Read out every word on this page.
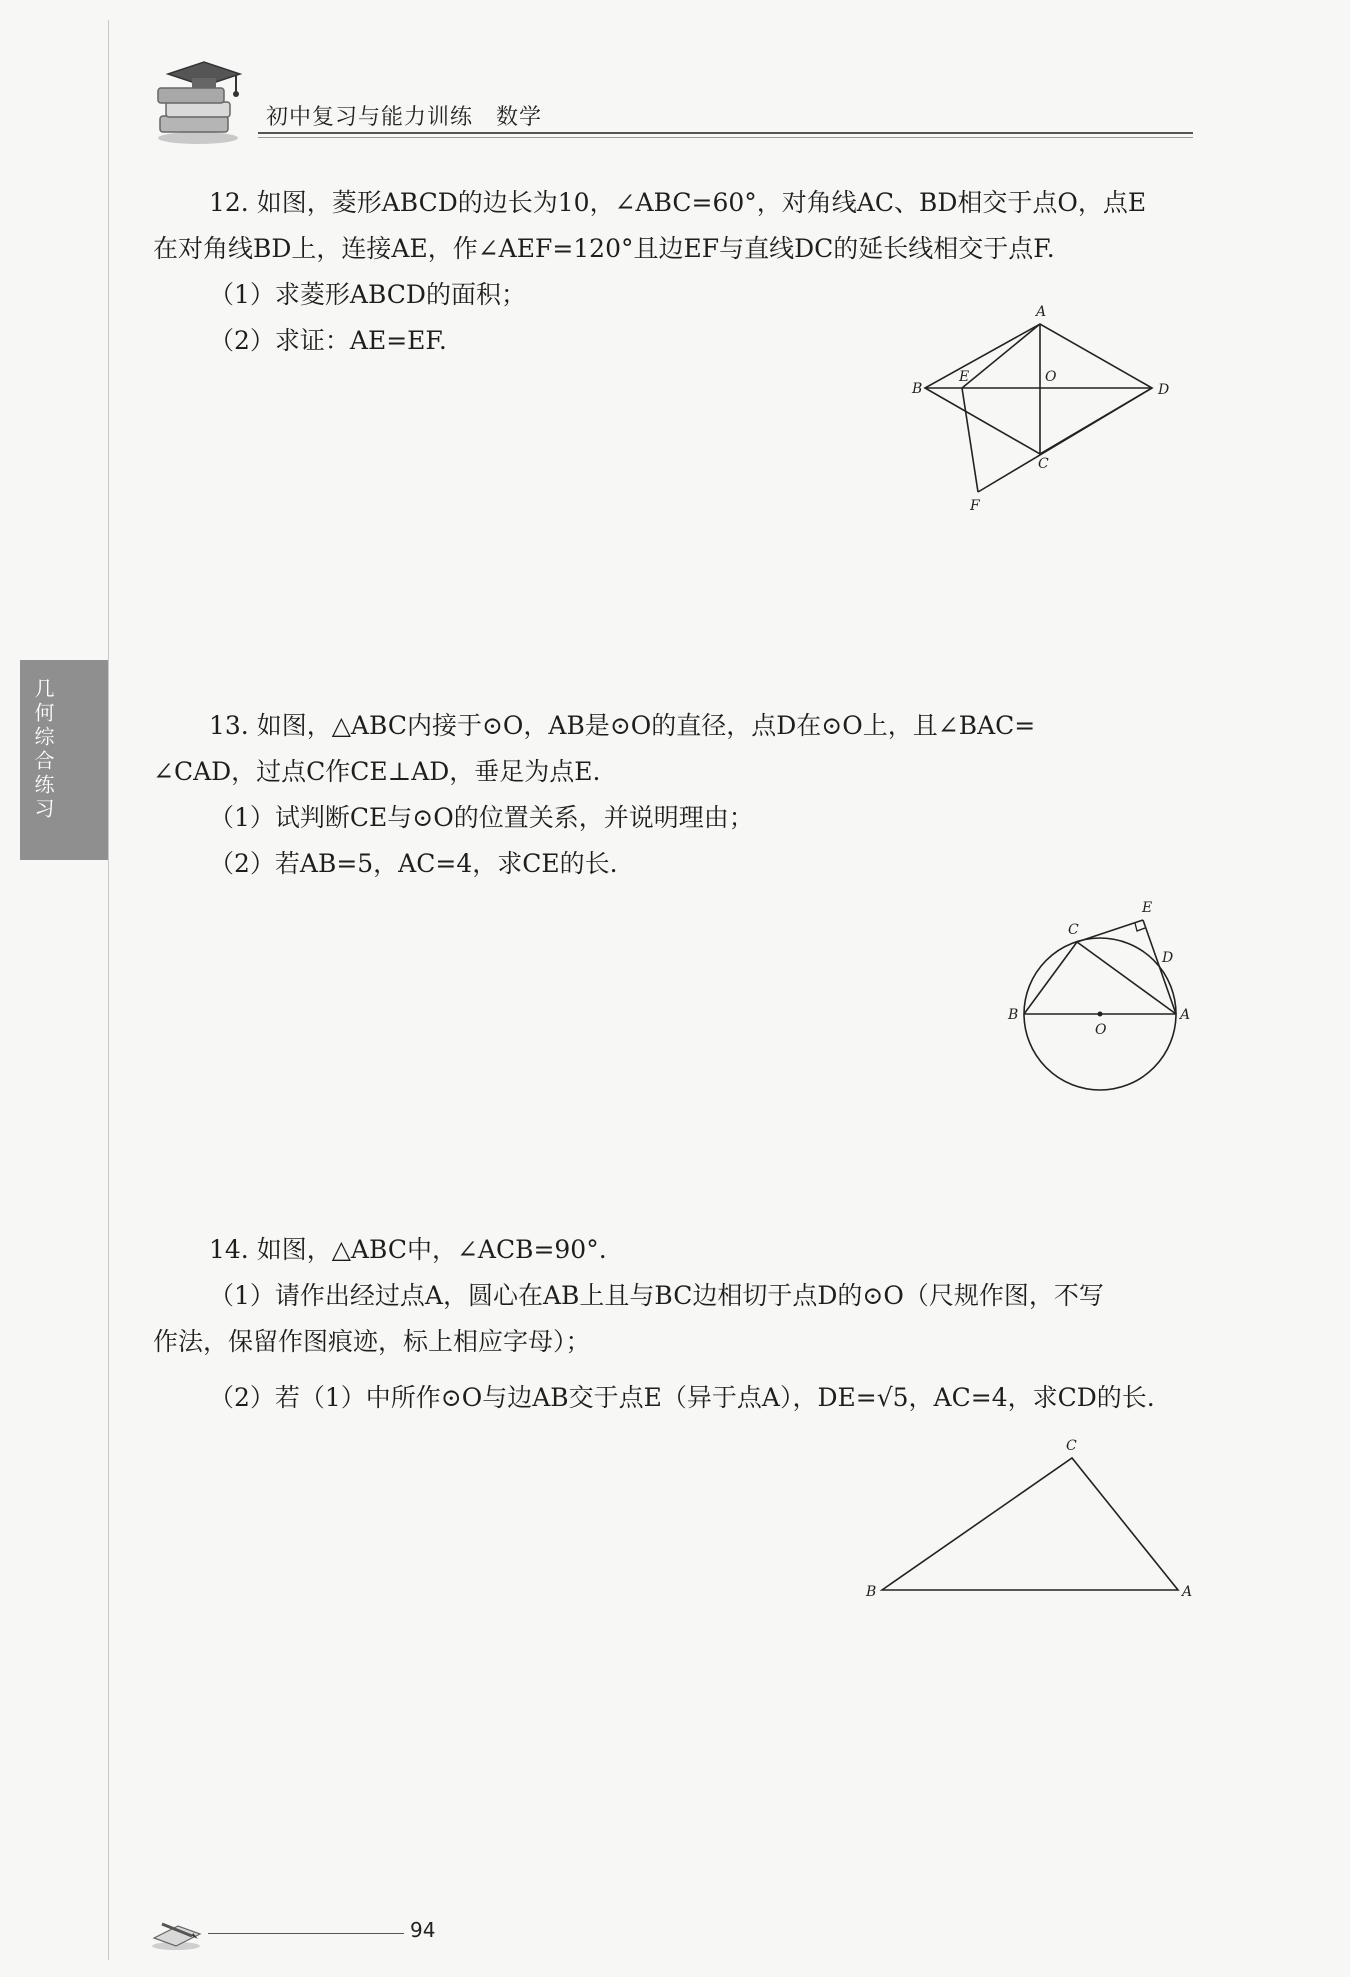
初中复习与能力训练　数学
几何综合练习

12. 如图，菱形ABCD的边长为10，∠ABC=60°，对角线AC、BD相交于点O，点E

在对角线BD上，连接AE，作∠AEF=120°且边EF与直线DC的延长线相交于点F.

（1）求菱形ABCD的面积；

（2）求证：AE=EF.

A
B
E	O
D
C
F

13. 如图，△ABC内接于⊙O，AB是⊙O的直径，点D在⊙O上，且∠BAC=

∠CAD，过点C作CE⊥AD，垂足为点E.

（1）试判断CE与⊙O的位置关系，并说明理由；

（2）若AB=5，AC=4，求CE的长.

C
E
D
B	A
O

14. 如图，△ABC中，∠ACB=90°.

（1）请作出经过点A，圆心在AB上且与BC边相切于点D的⊙O（尺规作图，不写

作法，保留作图痕迹，标上相应字母）；

（2）若（1）中所作⊙O与边AB交于点E（异于点A），DE=√5，AC=4，求CD的长.

C
B	A
94
